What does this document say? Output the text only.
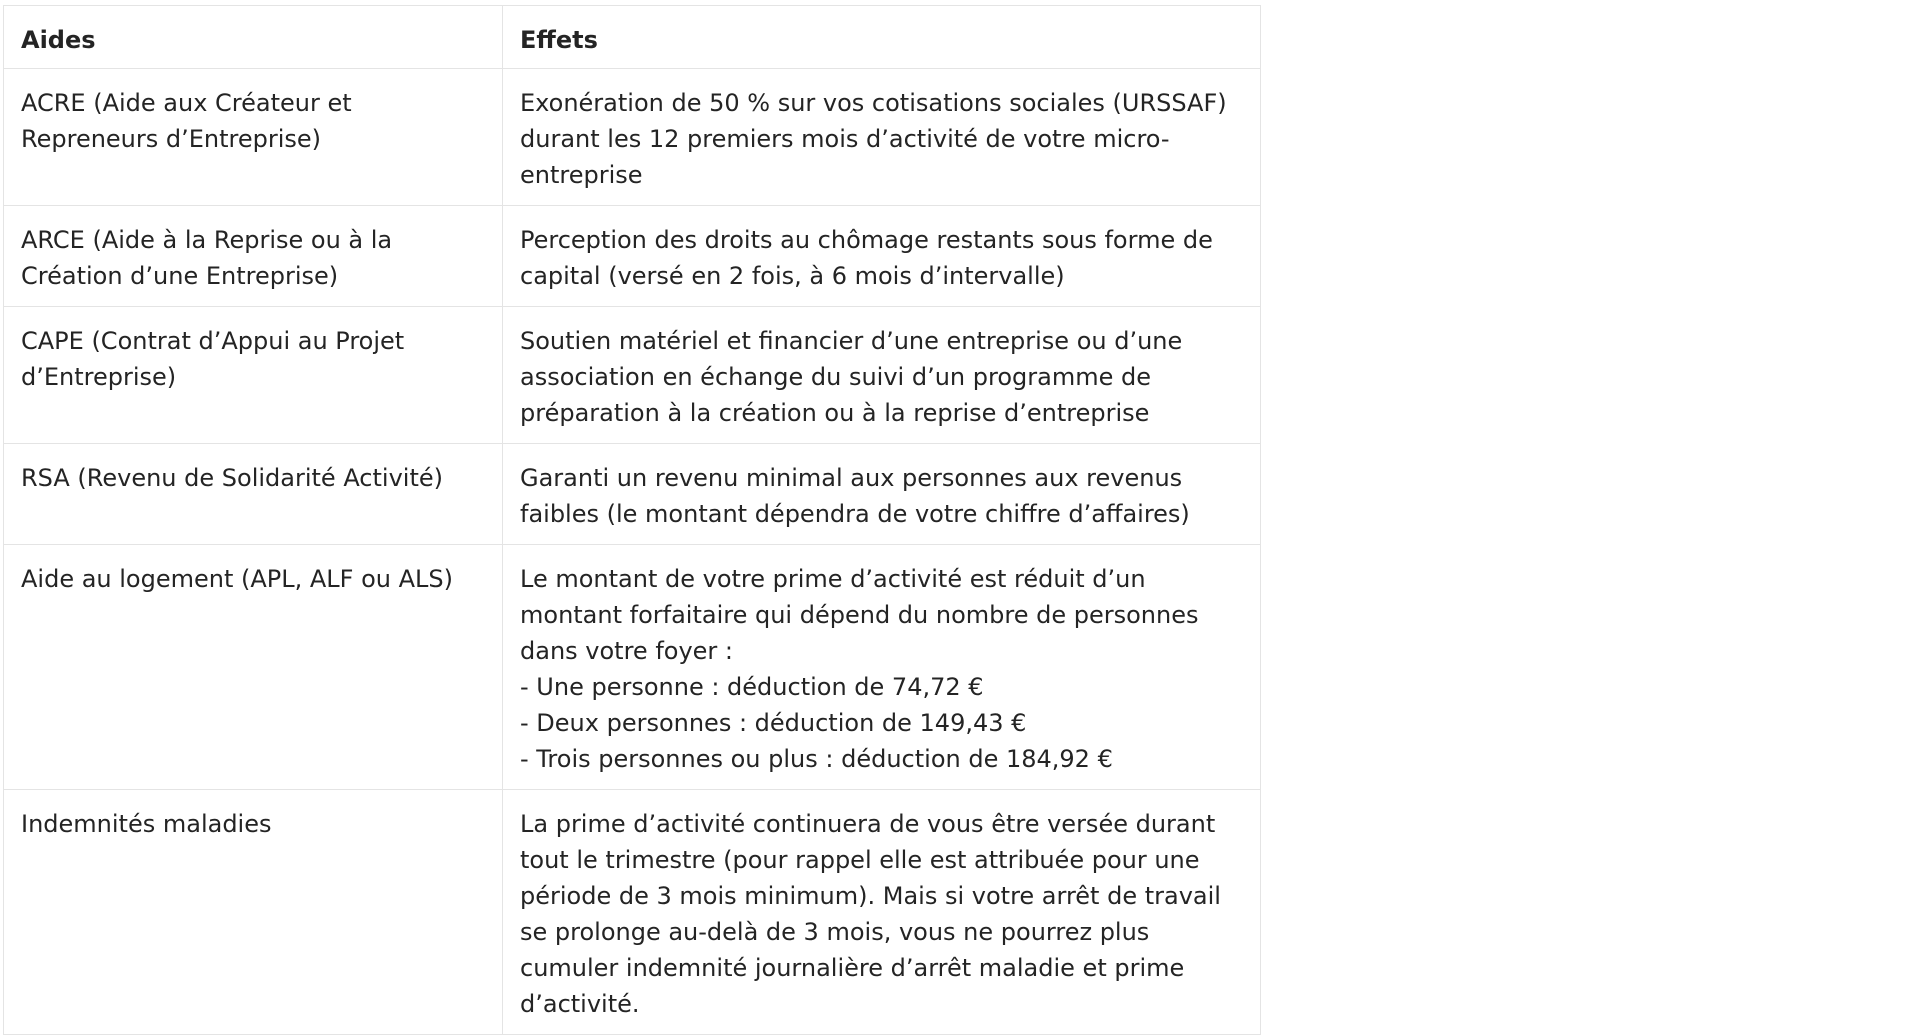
Aides	Effets
ACRE (Aide aux Créateur et Repreneurs d’Entreprise)	Exonération de 50 % sur vos cotisations sociales (URSSAF) durant les 12 premiers mois d’activité de votre micro-entreprise
ARCE (Aide à la Reprise ou à la Création d’une Entreprise)	Perception des droits au chômage restants sous forme de capital (versé en 2 fois, à 6 mois d’intervalle)
CAPE (Contrat d’Appui au Projet d’Entreprise)	Soutien matériel et financier d’une entreprise ou d’une association en échange du suivi d’un programme de préparation à la création ou à la reprise d’entreprise
RSA (Revenu de Solidarité Activité)	Garanti un revenu minimal aux personnes aux revenus faibles (le montant dépendra de votre chiffre d’affaires)
Aide au logement (APL, ALF ou ALS)	Le montant de votre prime d’activité est réduit d’un montant forfaitaire qui dépend du nombre de personnes dans votre foyer :
- Une personne : déduction de 74,72 €
- Deux personnes : déduction de 149,43 €
- Trois personnes ou plus : déduction de 184,92 €

Indemnités maladies	La prime d’activité continuera de vous être versée durant tout le trimestre (pour rappel elle est attribuée pour une période de 3 mois minimum). Mais si votre arrêt de travail se prolonge au-delà de 3 mois, vous ne pourrez plus cumuler indemnité journalière d’arrêt maladie et prime d’activité.
